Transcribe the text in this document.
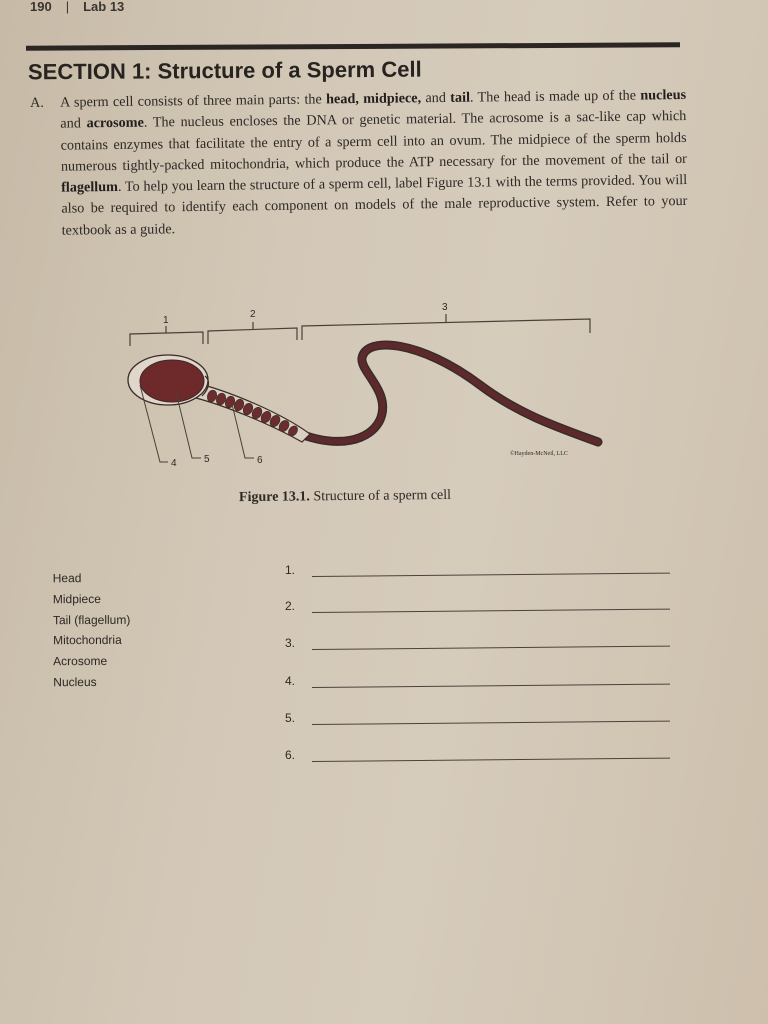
190 | Lab 13
SECTION 1: Structure of a Sperm Cell
A. A sperm cell consists of three main parts: the head, midpiece, and tail. The head is made up of the nucleus and acrosome. The nucleus encloses the DNA or genetic material. The acrosome is a sac-like cap which contains enzymes that facilitate the entry of a sperm cell into an ovum. The midpiece of the sperm holds numerous tightly-packed mitochondria, which produce the ATP necessary for the movement of the tail or flagellum. To help you learn the structure of a sperm cell, label Figure 13.1 with the terms provided. You will also be required to identify each component on models of the male reproductive system. Refer to your textbook as a guide.
1
2
3
4	5	6
©Hayden-McNeil, LLC
Figure 13.1. Structure of a sperm cell
Head
Midpiece
Tail (flagellum)
Mitochondria
Acrosome
Nucleus
1.
2.
3.
4.
5.
6.
